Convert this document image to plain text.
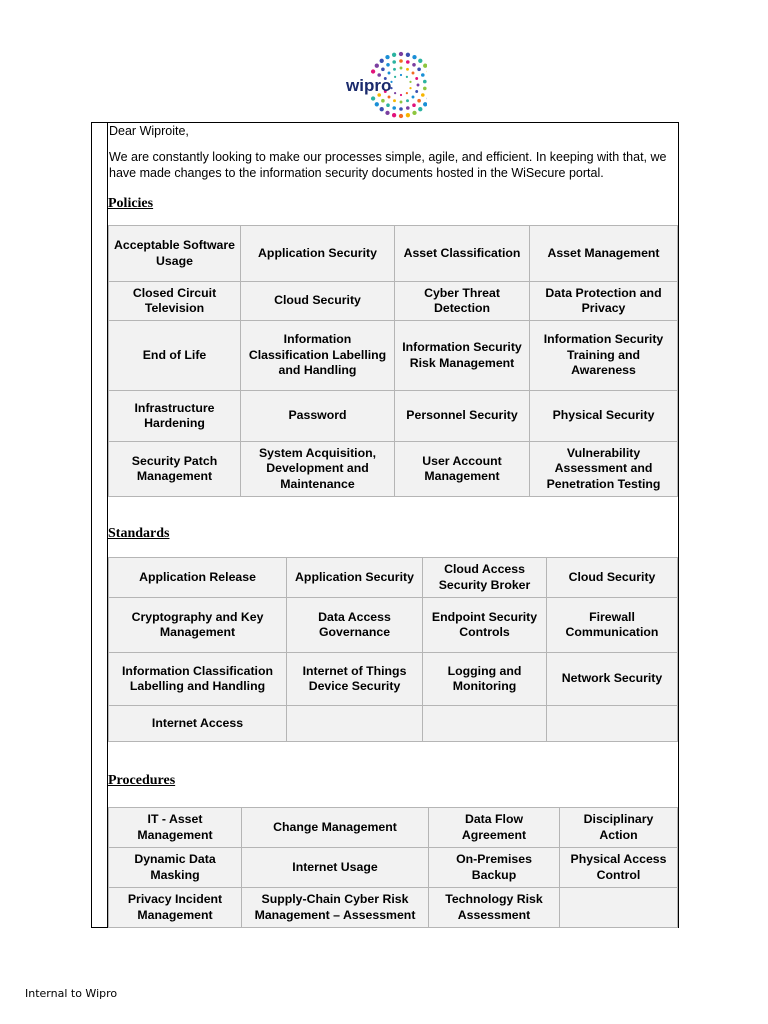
wipro
Dear Wiproite,
We are constantly looking to make our processes simple, agile, and efficient. In keeping with that, we have made changes to the information security documents hosted in the WiSecure portal.
Policies
Acceptable Software Usage	Application Security	Asset Classification	Asset Management
Closed Circuit Television	Cloud Security	Cyber Threat Detection	Data Protection and Privacy
End of Life	Information Classification Labelling and Handling	Information Security Risk Management	Information Security Training and Awareness
Infrastructure Hardening	Password	Personnel Security	Physical Security
Security Patch Management	System Acquisition, Development and Maintenance	User Account Management	Vulnerability Assessment and Penetration Testing
Standards
Application Release	Application Security	Cloud Access Security Broker	Cloud Security
Cryptography and Key Management	Data Access Governance	Endpoint Security Controls	Firewall Communication
Information Classification Labelling and Handling	Internet of Things Device Security	Logging and Monitoring	Network Security
Internet Access			
Procedures
IT - Asset Management	Change Management	Data Flow Agreement	Disciplinary Action
Dynamic Data Masking	Internet Usage	On-Premises Backup	Physical Access Control
Privacy Incident Management	Supply-Chain Cyber Risk Management – Assessment	Technology Risk Assessment	
Internal to Wipro
